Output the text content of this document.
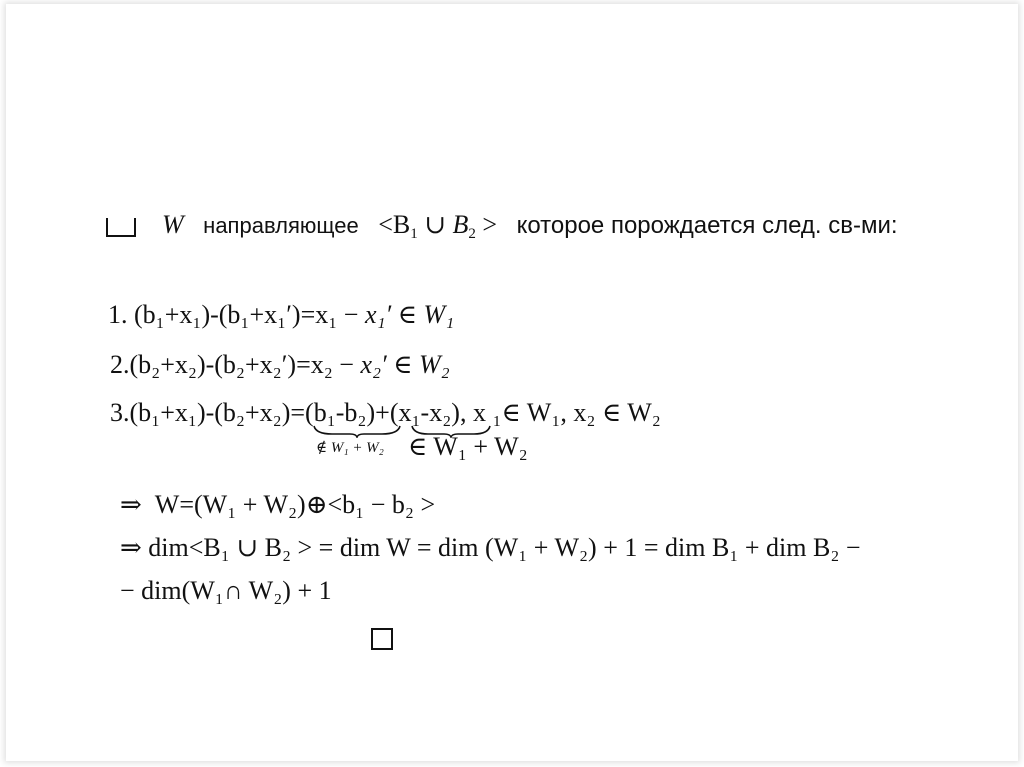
W направляющее $<B_1$ ∪ $B_2$ > которое порождается след. св-ми:
1. (b₁+x₁)-(b₁+x₁′)=x₁ − x₁′ ∈ W₁
2.(b₂+x₂)-(b₂+x₂′)=x₂ − x₂′ ∈ W₂
3.(b₁+x₁)-(b₂+x₂)=(b₁-b₂)+(x₁-x₂), x ₁∈ W₁, x₂ ∈ W₂
∉ W₁ + W₂ ∈ W₁ + W₂
⇒ W=(W₁ + W₂)⊕<b₁ − b₂ >
⇒ dim<B₁ ∪ B₂ > = dim W = dim (W₁ + W₂) + 1 = dim B₁ + dim B₂ −
− dim(W₁∩ W₂) + 1
